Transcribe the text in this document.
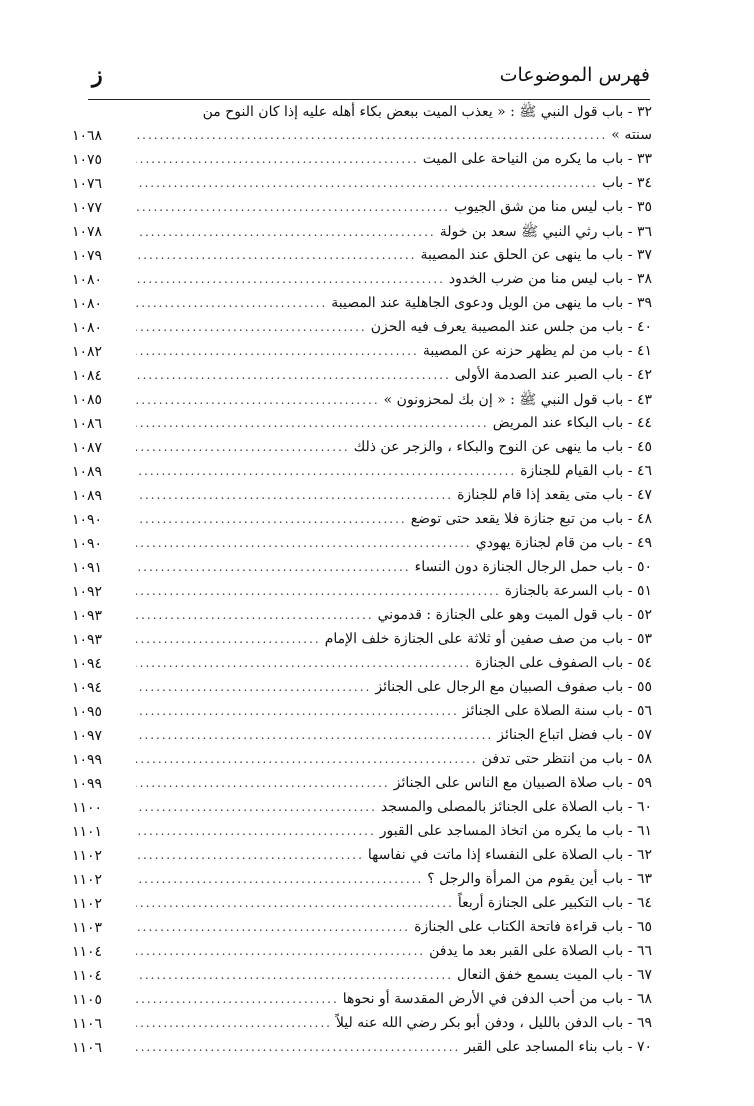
فهرس الموضوعات
ز
٣٢ - باب قول النبي ﷺ : « يعذب الميت ببعض بكاء أهله عليه إذا كان النوح من
١٠٦٨	سنته »
.....
١٠٧٥	٣٣ - باب ما يكره من النياحة على الميت
.....
١٠٧٦	٣٤ - باب
.....
١٠٧٧	٣٥ - باب ليس منا من شق الجيوب
.....
١٠٧٨	٣٦ - باب رثي النبي ﷺ سعد بن خولة
.....
١٠٧٩	٣٧ - باب ما ينهى عن الحلق عند المصيبة
.....
١٠٨٠	٣٨ - باب ليس منا من ضرب الخدود
.....
١٠٨٠	٣٩ - باب ما ينهى من الويل ودعوى الجاهلية عند المصيبة
.....
١٠٨٠	٤٠ - باب من جلس عند المصيبة يعرف فيه الحزن
.....
١٠٨٢	٤١ - باب من لم يظهر حزنه عن المصيبة
.....
١٠٨٤	٤٢ - باب الصبر عند الصدمة الأولى
.....
١٠٨٥	٤٣ - باب قول النبي ﷺ : « إن بك لمحزونون »
.....
١٠٨٦	٤٤ - باب البكاء عند المريض
.....
١٠٨٧	٤٥ - باب ما ينهى عن النوح والبكاء ، والزجر عن ذلك
.....
١٠٨٩	٤٦ - باب القيام للجنازة
.....
١٠٨٩	٤٧ - باب متى يقعد إذا قام للجنازة
.....
١٠٩٠	٤٨ - باب من تبع جنازة فلا يقعد حتى توضع
.....
١٠٩٠	٤٩ - باب من قام لجنازة يهودي
.....
١٠٩١	٥٠ - باب حمل الرجال الجنازة دون النساء
.....
١٠٩٢	٥١ - باب السرعة بالجنازة
.....
١٠٩٣	٥٢ - باب قول الميت وهو على الجنازة : قدموني
.....
١٠٩٣	٥٣ - باب من صف صفين أو ثلاثة على الجنازة خلف الإمام
.....
١٠٩٤	٥٤ - باب الصفوف على الجنازة
.....
١٠٩٤	٥٥ - باب صفوف الصبيان مع الرجال على الجنائز
.....
١٠٩٥	٥٦ - باب سنة الصلاة على الجنائز
.....
١٠٩٧	٥٧ - باب فضل اتباع الجنائز
.....
١٠٩٩	٥٨ - باب من انتظر حتى تدفن
.....
١٠٩٩	٥٩ - باب صلاة الصبيان مع الناس على الجنائز
.....
١١٠٠	٦٠ - باب الصلاة على الجنائز بالمصلى والمسجد
.....
١١٠١	٦١ - باب ما يكره من اتخاذ المساجد على القبور
.....
١١٠٢	٦٢ - باب الصلاة على النفساء إذا ماتت في نفاسها
.....
١١٠٢	٦٣ - باب أين يقوم من المرأة والرجل ؟
.....
١١٠٢	٦٤ - باب التكبير على الجنازة أربعاً
.....
١١٠٣	٦٥ - باب قراءة فاتحة الكتاب على الجنازة
.....
١١٠٤	٦٦ - باب الصلاة على القبر بعد ما يدفن
.....
١١٠٤	٦٧ - باب الميت يسمع خفق النعال
.....
١١٠٥	٦٨ - باب من أحب الدفن في الأرض المقدسة أو نحوها
.....
١١٠٦	٦٩ - باب الدفن بالليل ، ودفن أبو بكر رضي الله عنه ليلاً
.....
١١٠٦	٧٠ - باب بناء المساجد على القبر
.....
